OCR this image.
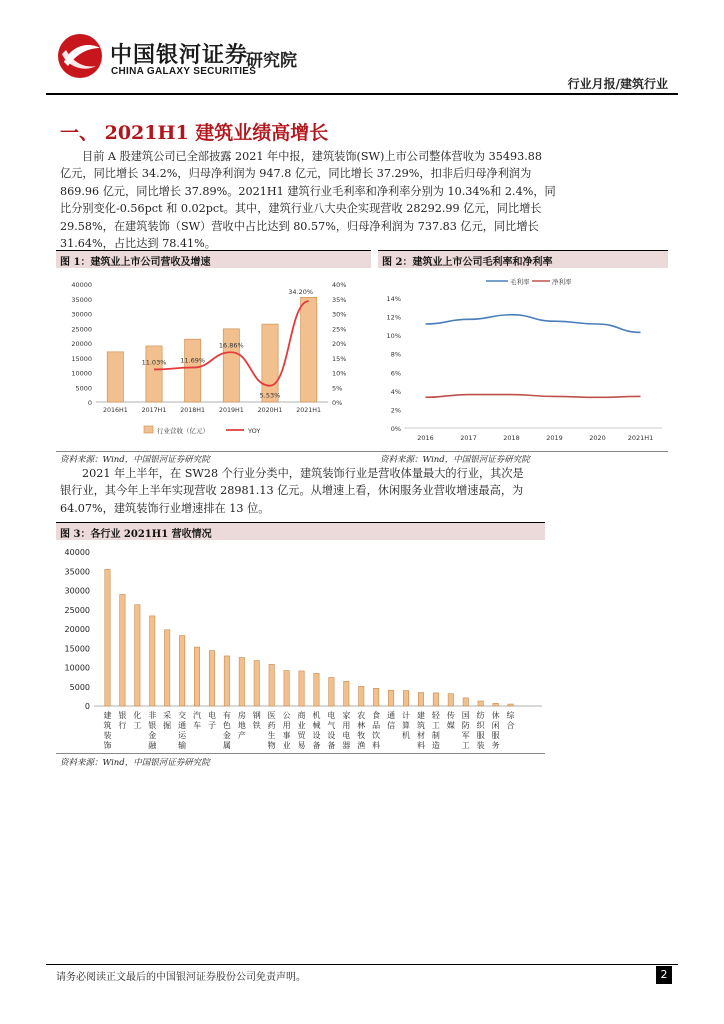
中国银河证券
CHINA GALAXY SECURITIES
研究院
行业月报/建筑行业
一、 2021H1 建筑业绩高增长
目前 A 股建筑公司已全部披露 2021 年中报，建筑装饰(SW)上市公司整体营收为 35493.88
亿元，同比增长 34.2%，归母净利润为 947.8 亿元，同比增长 37.29%，扣非后归母净利润为
869.96 亿元，同比增长 37.89%。2021H1 建筑行业毛利率和净利率分别为 10.34%和 2.4%，同
比分别变化-0.56pct 和 0.02pct。其中，建筑行业八大央企实现营收 28292.99 亿元，同比增长
29.58%，在建筑装饰（SW）营收中占比达到 80.57%，归母净利润为 737.83 亿元，同比增长
31.64%，占比达到 78.41%。
图 1：建筑业上市公司营收及增速
0
5000
10000
15000
20000
25000
30000
35000
40000
0%
5%
10%
15%
20%
25%
30%
35%
40%
2016H1 2017H1 2018H1 2019H1 2020H1 2021H1
11.03% 11.69%
16.86%
5.53%
34.20%
行业营收（亿元）	YOY
图 2：建筑业上市公司毛利率和净利率
0%
2%
4%
6%
8%
10%
12%
14%
2016	2017	2018	2019	2020	2021H1
毛利率	净利率
资料来源：Wind，中国银河证券研究院	资料来源：Wind，中国银河证券研究院
2021 年上半年，在 SW28 个行业分类中，建筑装饰行业是营收体量最大的行业，其次是
银行业，其今年上半年实现营收 28981.13 亿元。从增速上看，休闲服务业营收增速最高，为
64.07%，建筑装饰行业增速排在 13 位。
图 3：各行业 2021H1 营收情况
0
5000
10000
15000
20000
25000
30000
35000
40000
建筑装饰
银行
化工
非银金融
采掘
交通运输
汽车
电子
有色金属
房地产
钢铁
医药生物
公用事业
商业贸易
机械设备
电气设备
家用电器
农林牧渔
食品饮料
通信
计算机
建筑材料
轻工制造
传媒
国防军工
纺织服装
休闲服务
综合
资料来源：Wind，中国银河证券研究院
请务必阅读正文最后的中国银河证券股份公司免责声明。	2
